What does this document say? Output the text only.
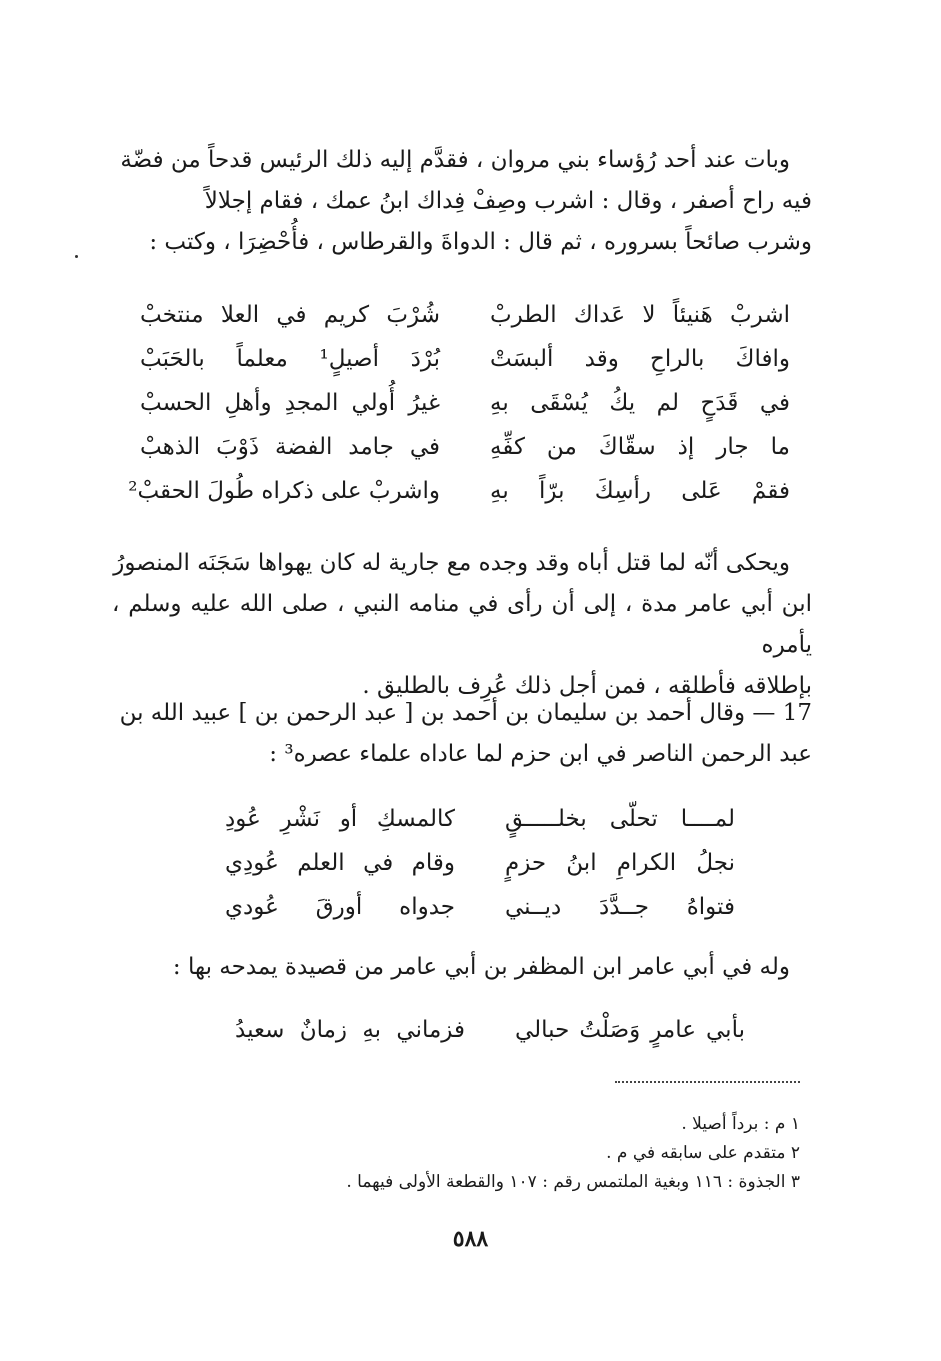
وبات عند أحد رُؤساء بني مروان ، فقدَّم إليه ذلك الرئيس قدحاً من فضّة

فيه راح أصفر ، وقال : اشرب وصِفْ فِداك ابنُ عمك ، فقام إجلالاً

وشرب صائحاً بسروره ، ثم قال : الدواةَ والقرطاس ، فأُحْضِرَا ، وكتب :

اشربْ هَنيئاً لا عَداك الطربْ
شُرْبَ كريم في العلا منتخبْ
وافاكَ بالراحِ وقد ألبسَتْ
بُرْدَ أصيلٍ¹ معلماً بالحَبَبْ
في قَدَحٍ لم يكُ يُسْقَى بهِ
غيرُ أُولي المجدِ وأهلِ الحسبْ
ما جار إذ سقّاكَ من كفِّهِ
في جامد الفضة ذَوْبَ الذهبْ
فقمْ عَلى رأسِكَ برّاً بهِ
واشربْ على ذكراه طُولَ الحقبْ²

ويحكى أنّه لما قتل أباه وقد وجده مع جارية له كان يهواها سَجَنَه المنصورُ

ابن أبي عامر مدة ، إلى أن رأى في منامه النبي ، صلى الله عليه وسلم ، يأمره

بإطلاقه فأطلقه ، فمن أجل ذلك عُرِف بالطليق .

17 — وقال أحمد بن سليمان بن أحمد بن [ عبد الرحمن بن ] عبيد الله بن

عبد الرحمن الناصر في ابن حزم لما عاداه علماء عصره³ :

لمــــا تحلّى بخلـــــقٍ
كالمسكِ أو نَشْرِ عُودِ
نجلُ الكرامِ ابنُ حزمٍ
وقام في العلم عُودِي
فتواهُ جــدَّدَ ديــني
جدواه أورقَ عُودي

وله في أبي عامر ابن المظفر بن أبي عامر من قصيدة يمدحه بها :

بأبي عامرٍ وَصَلْتُ حبالي
فزماني بهِ زمانٌ سعيدُ
١ م : برداً أصيلا .
٢ متقدم على سابقه في م .
٣ الجذوة : ١١٦ وبغية الملتمس رقم : ١٠٧ والقطعة الأولى فيهما .
٥٨٨
